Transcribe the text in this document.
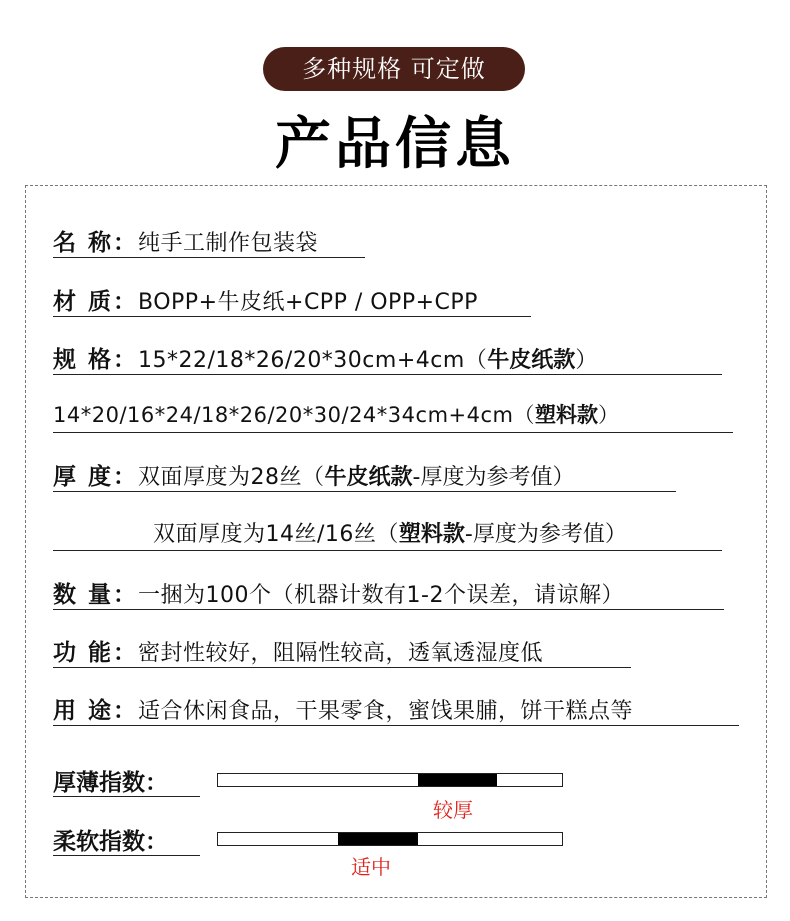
多种规格 可定做
产品信息
名 称：纯手工制作包装袋
材 质：BOPP+牛皮纸+CPP / OPP+CPP
规 格：15*22/18*26/20*30cm+4cm（牛皮纸款）
14*20/16*24/18*26/20*30/24*34cm+4cm（塑料款）
厚 度：双面厚度为28丝（牛皮纸款-厚度为参考值）
双面厚度为14丝/16丝（塑料款-厚度为参考值）
数 量：一捆为100个（机器计数有1-2个误差，请谅解）
功 能：密封性较好，阻隔性较高，透氧透湿度低
用 途：适合休闲食品，干果零食，蜜饯果脯，饼干糕点等
厚薄指数：
较厚
柔软指数：
适中
